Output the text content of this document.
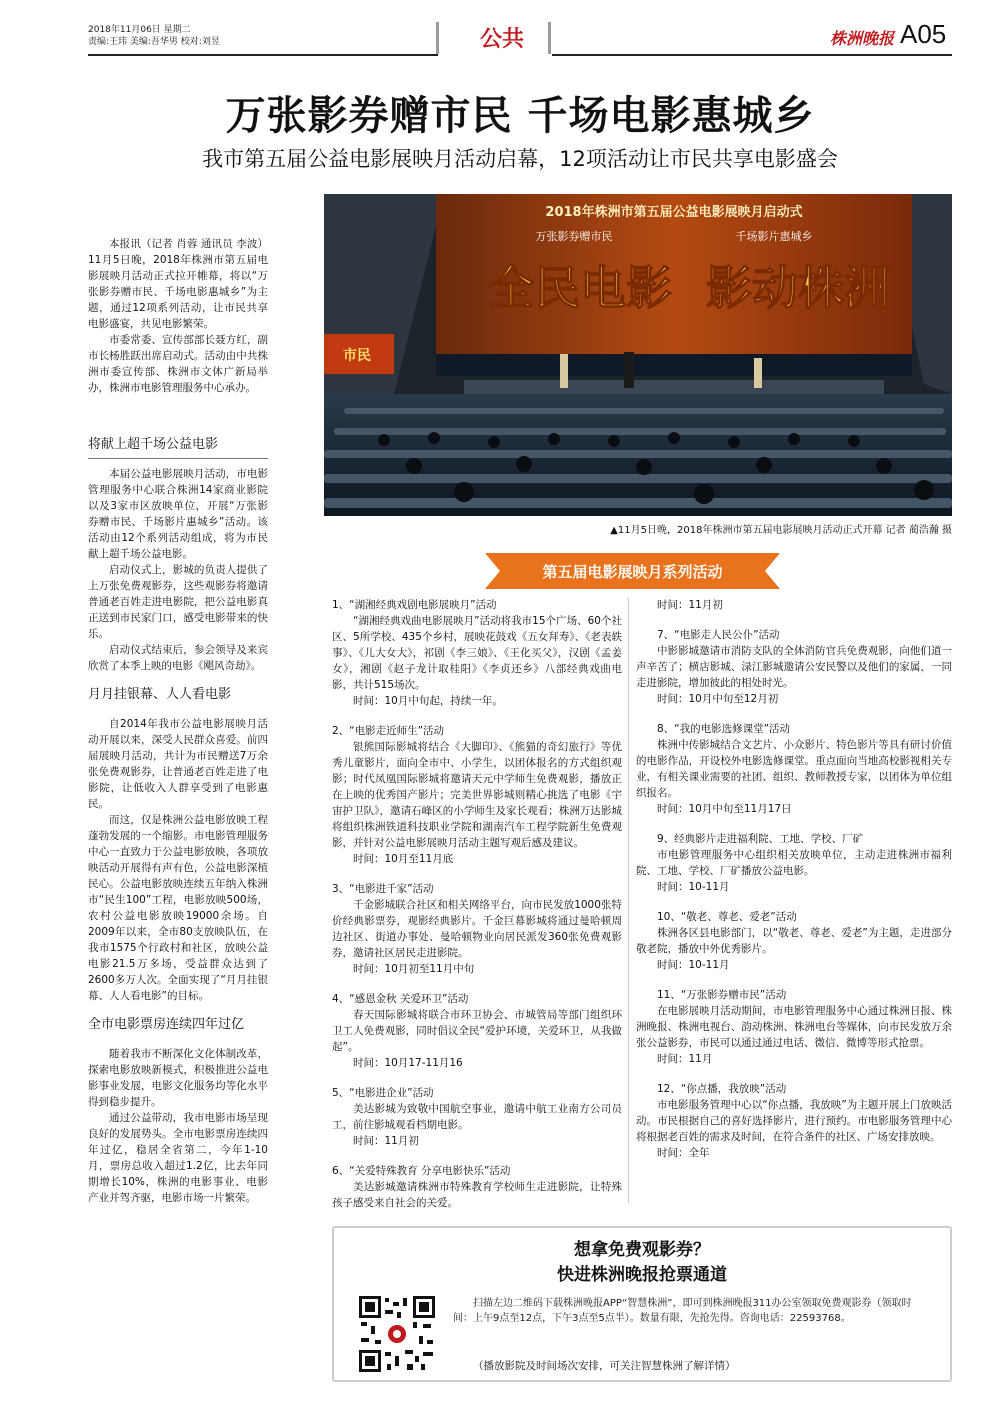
2018年11月06日 星期二
责编:王玮 美编:吾华男 校对:刘昱	公共	株洲晚报 A05
万张影券赠市民 千场电影惠城乡
我市第五届公益电影展映月活动启幕，12项活动让市民共享电影盛会
2018年株洲市第五届公益电影展映月启动式
万张影券赠市民	千场影片惠城乡
全民电影 影动株洲
市民
▲11月5日晚，2018年株洲市第五届电影展映月活动正式开幕 记者 蔺浩瀚 摄

本报讯（记者 肖蓉 通讯员 李波）11月5日晚，2018年株洲市第五届电影展映月活动正式拉开帷幕，将以“万张影券赠市民、千场电影惠城乡”为主题，通过12项系列活动，让市民共享电影盛宴，共见电影繁荣。

市委常委、宣传部部长聂方红，副市长杨胜跃出席启动式。活动由中共株洲市委宣传部、株洲市文体广新局举办，株洲市电影管理服务中心承办。

将献上超千场公益电影

本届公益电影展映月活动，市电影管理服务中心联合株洲14家商业影院以及3家市区放映单位，开展“万张影券赠市民、千场影片惠城乡”活动。该活动由12个系列活动组成，将为市民献上超千场公益电影。

启动仪式上，影城的负责人提供了上万张免费观影券，这些观影券将邀请普通老百姓走进电影院，把公益电影真正送到市民家门口，感受电影带来的快乐。

启动仪式结束后，参会领导及来宾欣赏了本季上映的电影《飓风奇劫》。

月月挂银幕、人人看电影

自2014年我市公益电影展映月活动开展以来，深受人民群众喜爱。前四届展映月活动，共计为市民赠送7万余张免费观影券，让普通老百姓走进了电影院，让低收入人群享受到了电影惠民。

而这，仅是株洲公益电影放映工程蓬勃发展的一个缩影。市电影管理服务中心一直致力于公益电影放映，各项放映活动开展得有声有色，公益电影深植民心。公益电影放映连续五年纳入株洲市“民生100”工程，电影放映500场，农村公益电影放映19000余场。自2009年以来，全市80支放映队伍，在我市1575个行政村和社区，放映公益电影21.5万多场，受益群众达到了2600多万人次。全面实现了“月月挂银幕、人人看电影”的目标。

全市电影票房连续四年过亿

随着我市不断深化文化体制改革，探索电影放映新模式，积极推进公益电影事业发展，电影文化服务均等化水平得到稳步提升。

通过公益带动，我市电影市场呈现良好的发展势头。全市电影票房连续四年过亿，稳居全省第二，今年1-10月，票房总收入超过1.2亿，比去年同期增长10%，株洲的电影事业、电影产业并驾齐驱，电影市场一片繁荣。

第五届电影展映月系列活动

1、“湖湘经典戏剧电影展映月”活动

“湖湘经典戏曲电影展映月”活动将我市15个广场、60个社区、5所学校、435个乡村，展映花鼓戏《五女拜寿》、《老表轶事》、《儿大女大》，祁剧《李三娘》、《王化买父》，汉剧《孟姜女》，湘剧《赵子龙计取桂阳》《李贞还乡》八部经典戏曲电影，共计515场次。

时间：10月中旬起，持续一年。

2、“电影走近师生”活动

银熊国际影城将结合《大脚印》、《熊猫的奇幻旅行》等优秀儿童影片，面向全市中、小学生，以团体报名的方式组织观影；时代凤凰国际影城将邀请天元中学师生免费观影，播放正在上映的优秀国产影片；完美世界影城则精心挑选了电影《宇宙护卫队》，邀请石峰区的小学师生及家长观看；株洲万达影城将组织株洲铁道科技职业学院和湖南汽车工程学院新生免费观影，并针对公益电影展映月活动主题写观后感及建议。

时间：10月至11月底

3、“电影进千家”活动

千金影城联合社区和相关网络平台，向市民发放1000张特价经典影票券，观影经典影片。千金巨幕影城将通过曼哈顿周边社区、街道办事处、曼哈顿物业向居民派发360张免费观影券，邀请社区居民走进影院。

时间：10月初至11月中旬

4、“感恩金秋 关爱环卫”活动

春天国际影城将联合市环卫协会、市城管局等部门组织环卫工人免费观影，同时倡议全民“爱护环境，关爱环卫，从我做起”。

时间：10月17-11月16

5、“电影进企业”活动

美达影城为致敬中国航空事业，邀请中航工业南方公司员工，前往影城观看档期电影。

时间：11月初

6、“关爱特殊教育 分享电影快乐”活动

美达影城邀请株洲市特殊教育学校师生走进影院，让特殊孩子感受来自社会的关爱。

时间：11月初

7、“电影走人民公仆”活动

中影影城邀请市消防支队的全体消防官兵免费观影，向他们道一声辛苦了；横店影城、渌江影城邀请公安民警以及他们的家属，一同走进影院，增加彼此的相处时光。

时间：10月中旬至12月初

8、“我的电影选修课堂”活动

株洲中传影城结合文艺片、小众影片、特色影片等具有研讨价值的电影作品，开设校外电影选修课堂。重点面向当地高校影视相关专业，有相关课业需要的社团、组织、教师教授专家，以团体为单位组织报名。

时间：10月中旬至11月17日

9、经典影片走进福利院、工地、学校、厂矿

市电影管理服务中心组织相关放映单位，主动走进株洲市福利院、工地、学校、厂矿播放公益电影。

时间：10-11月

10、“敬老、尊老、爱老”活动

株洲各区县电影部门，以“敬老、尊老、爱老”为主题，走进部分敬老院，播放中外优秀影片。

时间：10-11月

11、“万张影券赠市民”活动

在电影展映月活动期间，市电影管理服务中心通过株洲日报、株洲晚报、株洲电视台、韵动株洲、株洲电台等媒体，向市民发放万余张公益影券，市民可以通过通过电话、微信、微博等形式抢票。

时间：11月

12、“你点播，我放映”活动

市电影服务管理中心以“你点播，我放映”为主题开展上门放映活动。市民根据自己的喜好选择影片，进行预约。市电影服务管理中心将根据老百姓的需求及时间，在符合条件的社区、广场安排放映。

时间：全年

想拿免费观影券？
快进株洲晚报抢票通道

扫描左边二维码下载株洲晚报APP“智慧株洲”，即可到株洲晚报311办公室领取免费观影券（领取时间：上午9点至12点，下午3点至5点半）。数量有限，先抢先得。咨询电话：22593768。

（播放影院及时间场次安排，可关注智慧株洲了解详情）
